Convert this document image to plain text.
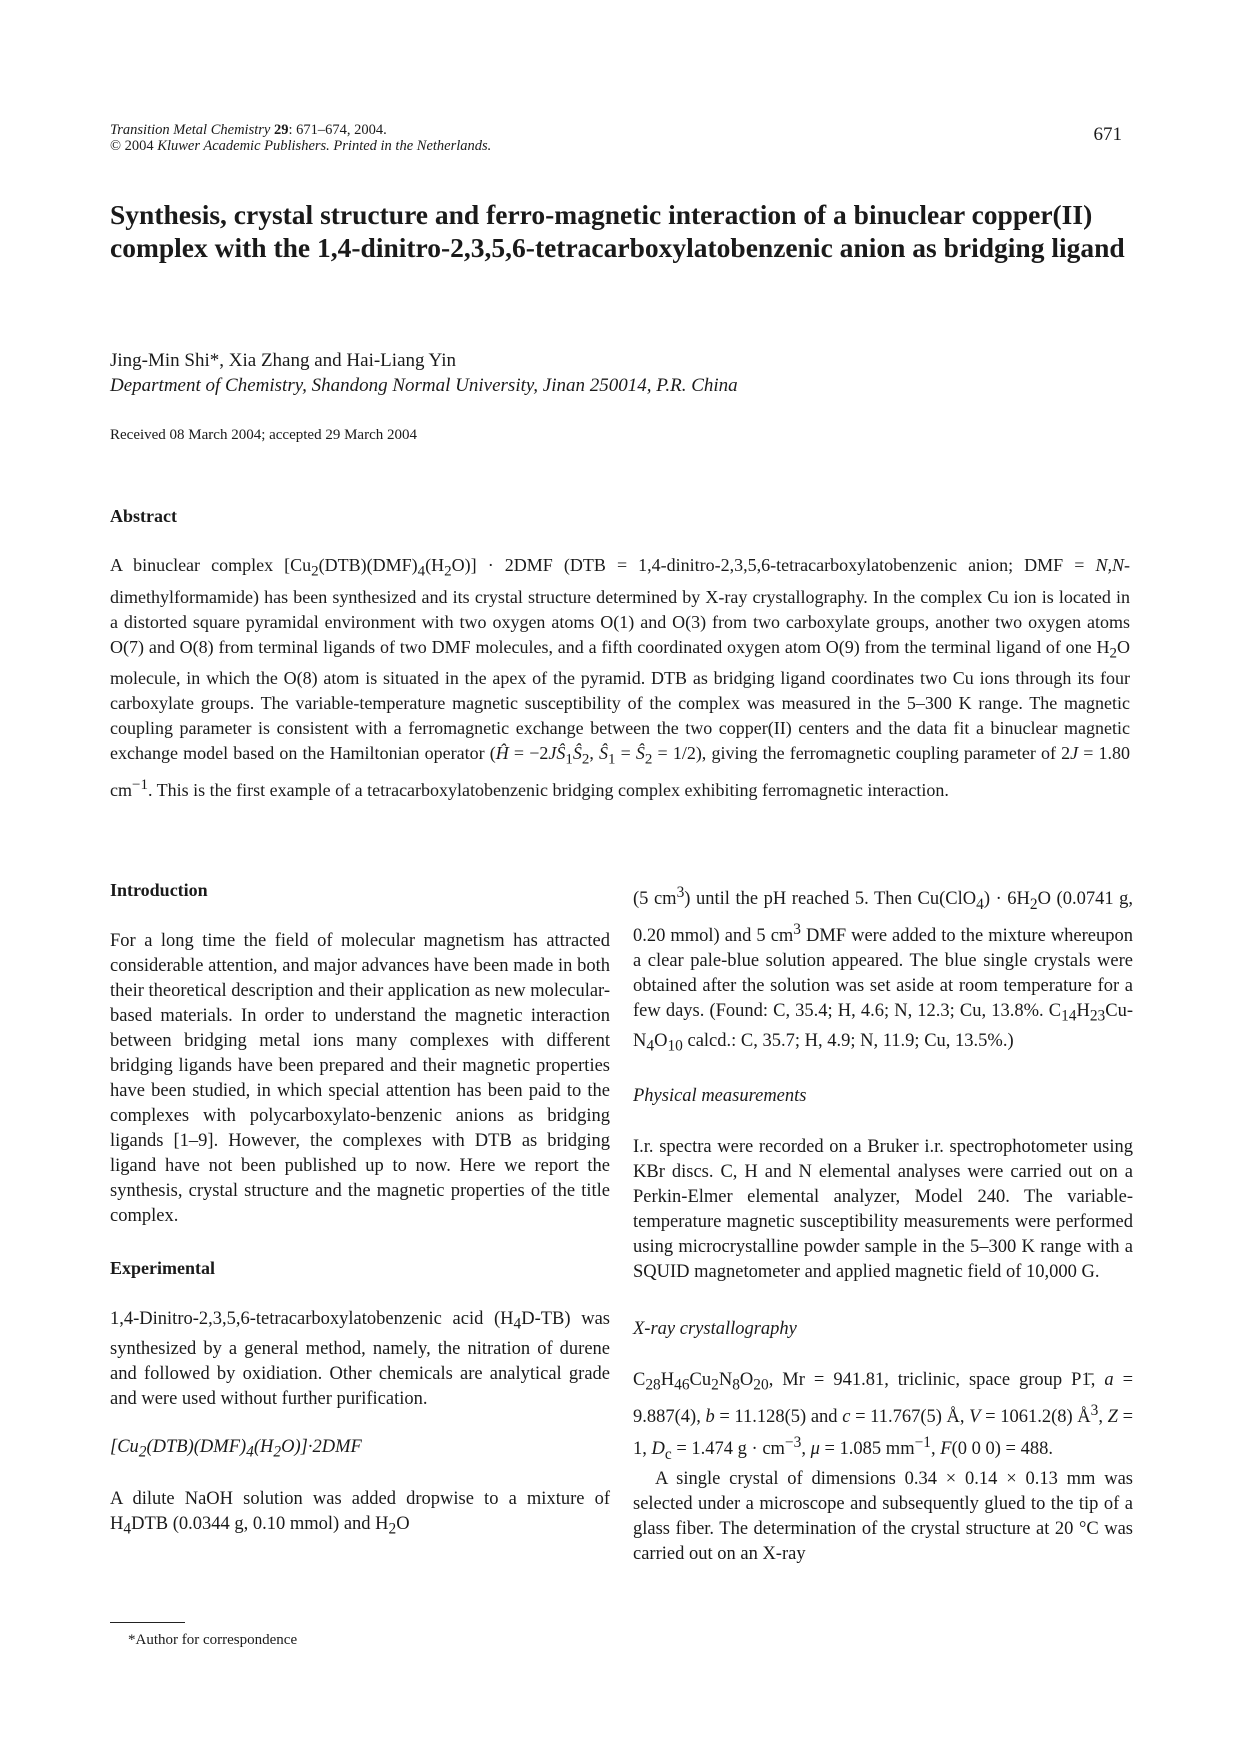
Transition Metal Chemistry 29: 671–674, 2004.
© 2004 Kluwer Academic Publishers. Printed in the Netherlands.
671
Synthesis, crystal structure and ferro-magnetic interaction of a binuclear copper(II) complex with the 1,4-dinitro-2,3,5,6-tetracarboxylatobenzenic anion as bridging ligand
Jing-Min Shi*, Xia Zhang and Hai-Liang Yin
Department of Chemistry, Shandong Normal University, Jinan 250014, P.R. China
Received 08 March 2004; accepted 29 March 2004
Abstract

A binuclear complex $[Cu_2(DTB)(DMF)_4(H_2O)] \cdot 2DMF$ (DTB = 1,4-dinitro-2,3,5,6-tetracarboxylatobenzenic anion; DMF = N,N-dimethylformamide) has been synthesized and its crystal structure determined by X-ray crystallography. In the complex Cu ion is located in a distorted square pyramidal environment with two oxygen atoms O(1) and O(3) from two carboxylate groups, another two oxygen atoms O(7) and O(8) from terminal ligands of two DMF molecules, and a fifth coordinated oxygen atom O(9) from the terminal ligand of one $H_2O$ molecule, in which the O(8) atom is situated in the apex of the pyramid. DTB as bridging ligand coordinates two Cu ions through its four carboxylate groups. The variable-temperature magnetic susceptibility of the complex was measured in the 5–300 K range. The magnetic coupling parameter is consistent with a ferromagnetic exchange between the two copper(II) centers and the data fit a binuclear magnetic exchange model based on the Hamiltonian operator (Ĥ = $-2JŜ_1Ŝ_2$, $Ŝ_1$ = $Ŝ_2 = 1/2$), giving the ferromagnetic coupling parameter of 2J = 1.80 $cm^{-1}$. This is the first example of a tetracarboxylatobenzenic bridging complex exhibiting ferromagnetic interaction.

Introduction

For a long time the field of molecular magnetism has attracted considerable attention, and major advances have been made in both their theoretical description and their application as new molecular-based materials. In order to understand the magnetic interaction between bridging metal ions many complexes with different bridging ligands have been prepared and their magnetic properties have been studied, in which special attention has been paid to the complexes with polycarboxylato-benzenic anions as bridging ligands [1–9]. However, the complexes with DTB as bridging ligand have not been published up to now. Here we report the synthesis, crystal structure and the magnetic properties of the title complex.

Experimental

1,4-Dinitro-2,3,5,6-tetracarboxylatobenzenic acid $(H_4D-TB)$ was synthesized by a general method, namely, the nitration of durene and followed by oxidiation. Other chemicals are analytical grade and were used without further purification.

$[Cu_2(DTB)(DMF)_4(H_2O)]\cdot 2DMF$

A dilute NaOH solution was added dropwise to a mixture of $H_4DTB$ (0.0344 g, 0.10 mmol) and $H_2O$

(5 $cm^3$) until the pH reached 5. Then $Cu(ClO_4) \cdot 6H_2O$ (0.0741 g, 0.20 mmol) and 5 $cm^3$ DMF were added to the mixture whereupon a clear pale-blue solution appeared. The blue single crystals were obtained after the solution was set aside at room temperature for a few days. (Found: C, 35.4; H, 4.6; N, 12.3; Cu, 13.8%. $C_{14}H_{23}Cu-N_4O_{10}$ calcd.: C, 35.7; H, 4.9; N, 11.9; Cu, 13.5%.)

Physical measurements

I.r. spectra were recorded on a Bruker i.r. spectrophotometer using KBr discs. C, H and N elemental analyses were carried out on a Perkin-Elmer elemental analyzer, Model 240. The variable-temperature magnetic susceptibility measurements were performed using microcrystalline powder sample in the 5–300 K range with a SQUID magnetometer and applied magnetic field of 10,000 G.

X-ray crystallography

$C_{28}H_{46}Cu_2N_8O_{20}$, Mr = 941.81, triclinic, space group P1̄, a = 9.887(4), b = 11.128(5) and c = 11.767(5) Å, V = 1061.2(8) $Å^3$, Z = 1, $D_c = 1.474$ $g \cdot cm^{-3}$, μ = 1.085 $mm^{-1}$, F(0 0 0) = 488.

A single crystal of dimensions 0.34 × 0.14 × 0.13 mm was selected under a microscope and subsequently glued to the tip of a glass fiber. The determination of the crystal structure at 20 °C was carried out on an X-ray

*Author for correspondence
